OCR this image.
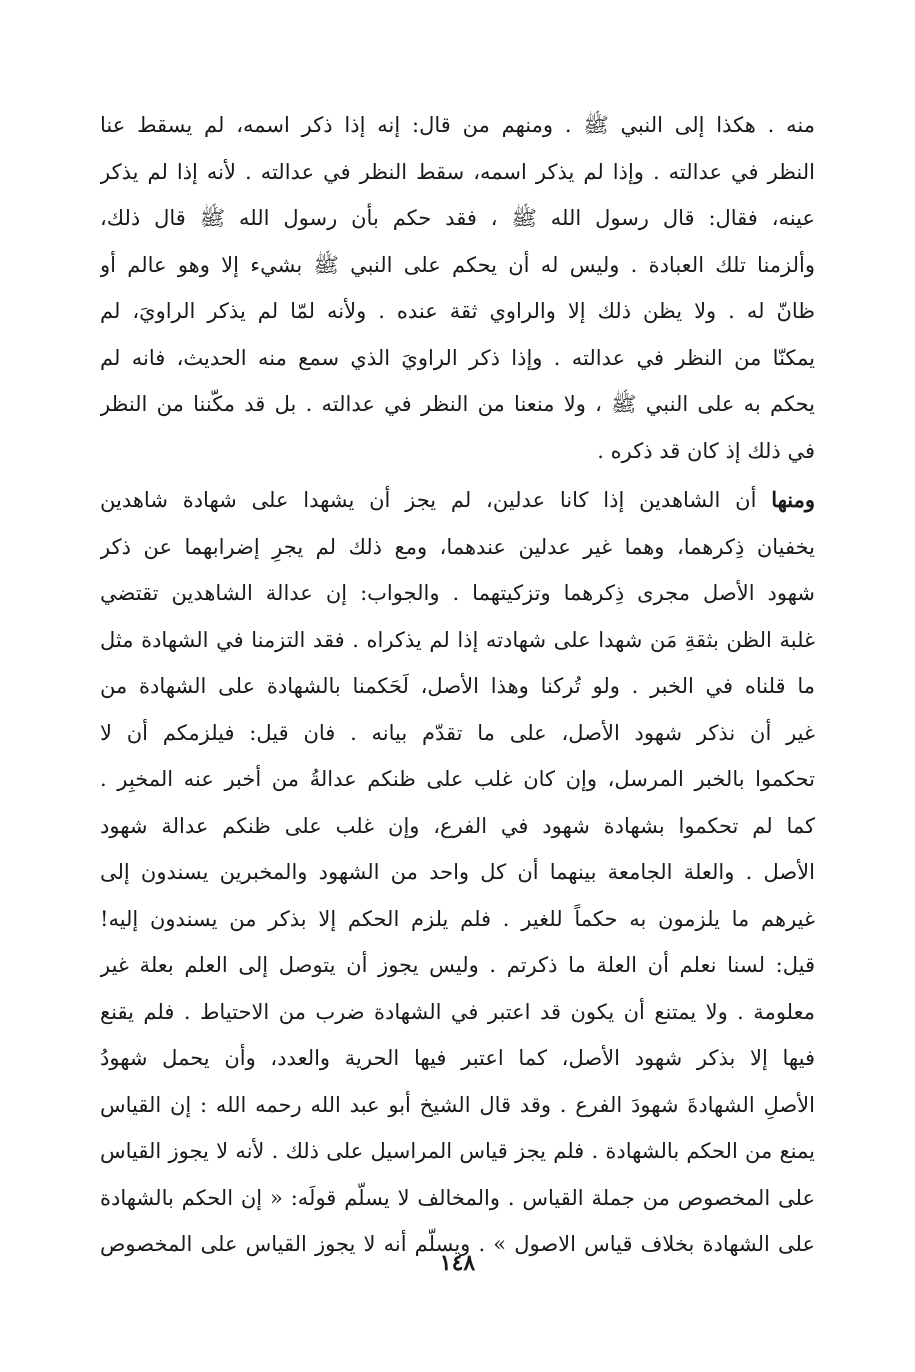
منه . هكذا إلى النبي ﷺ . ومنهم من قال: إنه إذا ذكر اسمه، لم يسقط عنا
النظر في عدالته . وإذا لم يذكر اسمه، سقط النظر في عدالته . لأنه إذا لم يذكر
عينه، فقال: قال رسول الله ﷺ ، فقد حكم بأن رسول الله ﷺ قال ذلك،
وألزمنا تلك العبادة . وليس له أن يحكم على النبي ﷺ بشيء إلا وهو عالم أو
ظانّ له . ولا يظن ذلك إلا والراوي ثقة عنده . ولأنه لمّا لم يذكر الراويَ، لم
يمكنّا من النظر في عدالته . وإذا ذكر الراويَ الذي سمع منه الحديث، فانه لم
يحكم به على النبي ﷺ ، ولا منعنا من النظر في عدالته . بل قد مكّننا من النظر
في ذلك إذ كان قد ذكره .
ومنها أن الشاهدين إذا كانا عدلين، لم يجز أن يشهدا على شهادة شاهدين
يخفيان ذِكرهما، وهما غير عدلين عندهما، ومع ذلك لم يجرِ إضرابهما عن ذكر
شهود الأصل مجرى ذِكرهما وتزكيتهما . والجواب: إن عدالة الشاهدين تقتضي
غلبة الظن بثقةِ مَن شهدا على شهادته إذا لم يذكراه . فقد التزمنا في الشهادة مثل
ما قلناه في الخبر . ولو تُركنا وهذا الأصل، لَحَكمنا بالشهادة على الشهادة من
غير أن نذكر شهود الأصل، على ما تقدّم بيانه . فان قيل: فيلزمكم أن لا
تحكموا بالخبر المرسل، وإن كان غلب على ظنكم عدالةُ من أخبر عنه المخبِر .
كما لم تحكموا بشهادة شهود في الفرع، وإن غلب على ظنكم عدالة شهود
الأصل . والعلة الجامعة بينهما أن كل واحد من الشهود والمخبرين يسندون إلى
غيرهم ما يلزمون به حكماً للغير . فلم يلزم الحكم إلا بذكر من يسندون إليه!
قيل: لسنا نعلم أن العلة ما ذكرتم . وليس يجوز أن يتوصل إلى العلم بعلة غير
معلومة . ولا يمتنع أن يكون قد اعتبر في الشهادة ضرب من الاحتياط . فلم يقنع
فيها إلا بذكر شهود الأصل، كما اعتبر فيها الحرية والعدد، وأن يحمل شهودُ
الأصلِ الشهادةَ شهودَ الفرع . وقد قال الشيخ أبو عبد الله رحمه الله : إن القياس
يمنع من الحكم بالشهادة . فلم يجز قياس المراسيل على ذلك . لأنه لا يجوز القياس
على المخصوص من جملة القياس . والمخالف لا يسلّم قولَه: « إن الحكم بالشهادة
على الشهادة بخلاف قياس الاصول » . ويسلّم أنه لا يجوز القياس على المخصوص
١٤٨
